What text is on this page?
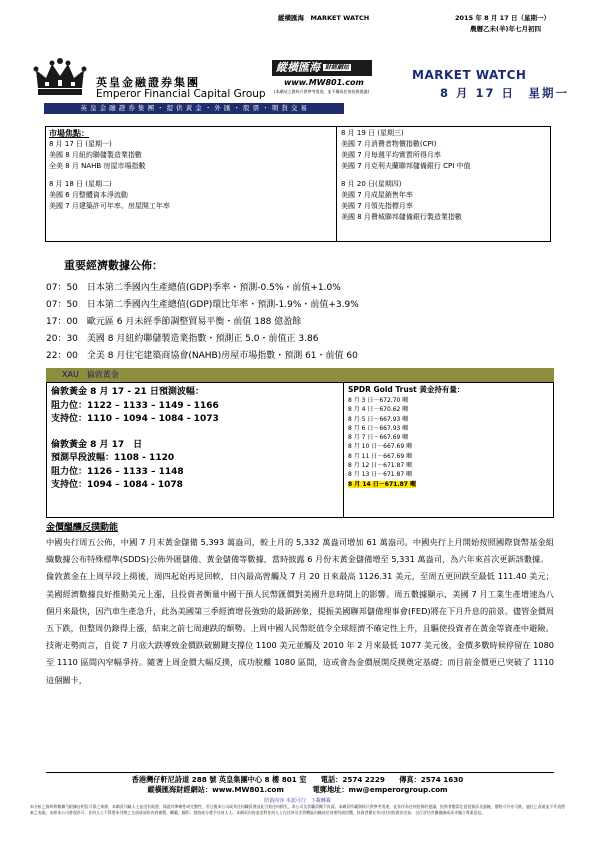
縱橫匯海　MARKET WATCH	2015 年 8 月 17 日（星期一）
農曆乙未(羊)年七月初四
英皇金融證券集團
Emperor Financial Capital Group
縱橫匯海 財經網站
www.MW801.com
(本網站之資料只供參考用途，並不構成任何投資建議)
MARKET WATCH
8 月 17 日　星期一
英 皇 金 融 證 券 集 團 ・ 提 供 黃 金 ・ 外 匯 ・ 股 票 ・ 期 貨 交 易
市場焦點：
8 月 17 日 (星期一)
美國 8 月紐約聯儲製造業指數
全美 8 月 NAHB 房屋市場指數
8 月 18 日 (星期二)
美國 6 月整體資本淨流動
美國 7 月建築許可年率、房屋開工年率
8 月 19 日 (星期三)
美國 7 月消費者物價指數(CPI)
美國 7 月每週平均實質所得月率
美國 7 月克利夫蘭聯邦儲備銀行 CPI 中值
8 月 20 日(星期四)
美國 7 月成屋銷售年率
美國 7 月領先指標月率
美國 8 月費城聯邦儲備銀行製造業指數
重要經濟數據公佈：
07：50　日本第二季國內生產總值(GDP)季率・預測-0.5%・前值+1.0%
07：50　日本第二季國內生產總值(GDP)環比年率・預測-1.9%・前值+3.9%
17：00　歐元區 6 月未經季節調整貿易平衡・前值 188 億盈餘
20：30　美國 8 月紐約聯儲製造業指數・預測正 5.0・前值正 3.86
22：00　全美 8 月住宅建築商協會(NAHB)房屋市場指數・預測 61・前值 60
XAU　倫敦黃金
倫敦黃金 8 月 17 - 21 日預測波幅：
阻力位：1122 – 1133 – 1149 - 1166
支持位：1110 – 1094 – 1084 - 1073
倫敦黃金 8 月 17　日
預測早段波幅：1108 - 1120
阻力位：1126 – 1133 – 1148
支持位：1094 – 1084 - 1078
SPDR Gold Trust 黃金持有量：
8 月 3 日－672.70 噸
8 月 4 日－670.62 噸
8 月 5 日－667.93 噸
8 月 6 日－667.93 噸
8 月 7 日－667.69 噸
8 月 10 日－667.69 噸
8 月 11 日－667.69 噸
8 月 12 日－671.87 噸
8 月 13 日－671.87 噸
8 月 14 日－671.87 噸
金價醞釀反撲動能

中國央行周五公佈，中國 7 月末黃金儲備 5,393 萬盎司，較上月的 5,332 萬盎司增加 61 萬盎司。中國央行上月開始按照國際貨幣基金組織數據公布特殊標準(SDDS)公佈外匯儲備、黃金儲備等數據，當時披露 6 月份末黃金儲備增至 5,331 萬盎司，為六年來首次更新該數據。

倫敦黃金在上周早段上揚後，周四起始再見回軟，日內最高曾觸及 7 月 20 日來最高 1126.31 美元，至周五更回跌至最低 111.40 美元；美國經濟數據良好推動美元上漲，且投資者衡量中國干預人民幣匯價對美國升息時間上的影響。周五數據顯示，美國 7 月工業生產增速為八個月來最快，因汽車生產急升，此為美國第三季經濟增長強勁的最新跡象，提振美國聯邦儲備理事會(FED)將在下月升息的前景。儘管金價周五下跌，但整周仍錄得上漲，結束之前七周連跌的頹勢。上周中國人民幣貶值令全球經濟不確定性上升，且驅使投資者在黃金等資產中避險。

技術走勢而言，自從 7 月底大跌導致金價跌破關鍵支撐位 1100 美元並觸及 2010 年 2 月來最低 1077 美元後，金價多數時候停留在 1080 至 1110 區間內窄幅爭持。隨著上周金價大幅反撲，成功脫離 1080 區間，這或會為金價展開反撲奠定基礎；而目前金價更已突破了 1110 這個關卡，

香港灣仔軒尼詩道 288 號 英皇集團中心 8 樓 801 室　　電話：2574 2229　　傳真：2574 1630
縱橫匯海財經網站：www.MW801.com　　　　電郵地址：mw@emperorgroup.com
防偽內容 本認可行　下載轉載
本分析之資料和數據乃根據自相信可靠之來源，本網頁刊載人士並沒有需要，保證其準確性或完整性，若日後本公司或其任何職員會因此引致任何損失，本公司及其職員概不負責。本網頁所載資料只供參考用途，並非作為任何投資的建議，投資者應當注意投資涉及風險，價格可升亦可跌，過往之表現並不代表將來之表現。未經本公司書面許可，任何人士不得將本刊物之全部或部份內容複製、轉載、翻印、發放或分發予任何人士。本網頁內容並非對任何人士在任何司法管轄區內構成任何要約或招攬，投資者應在作出任何投資決定前，自行評估有關風險或尋求獨立專業意見。
